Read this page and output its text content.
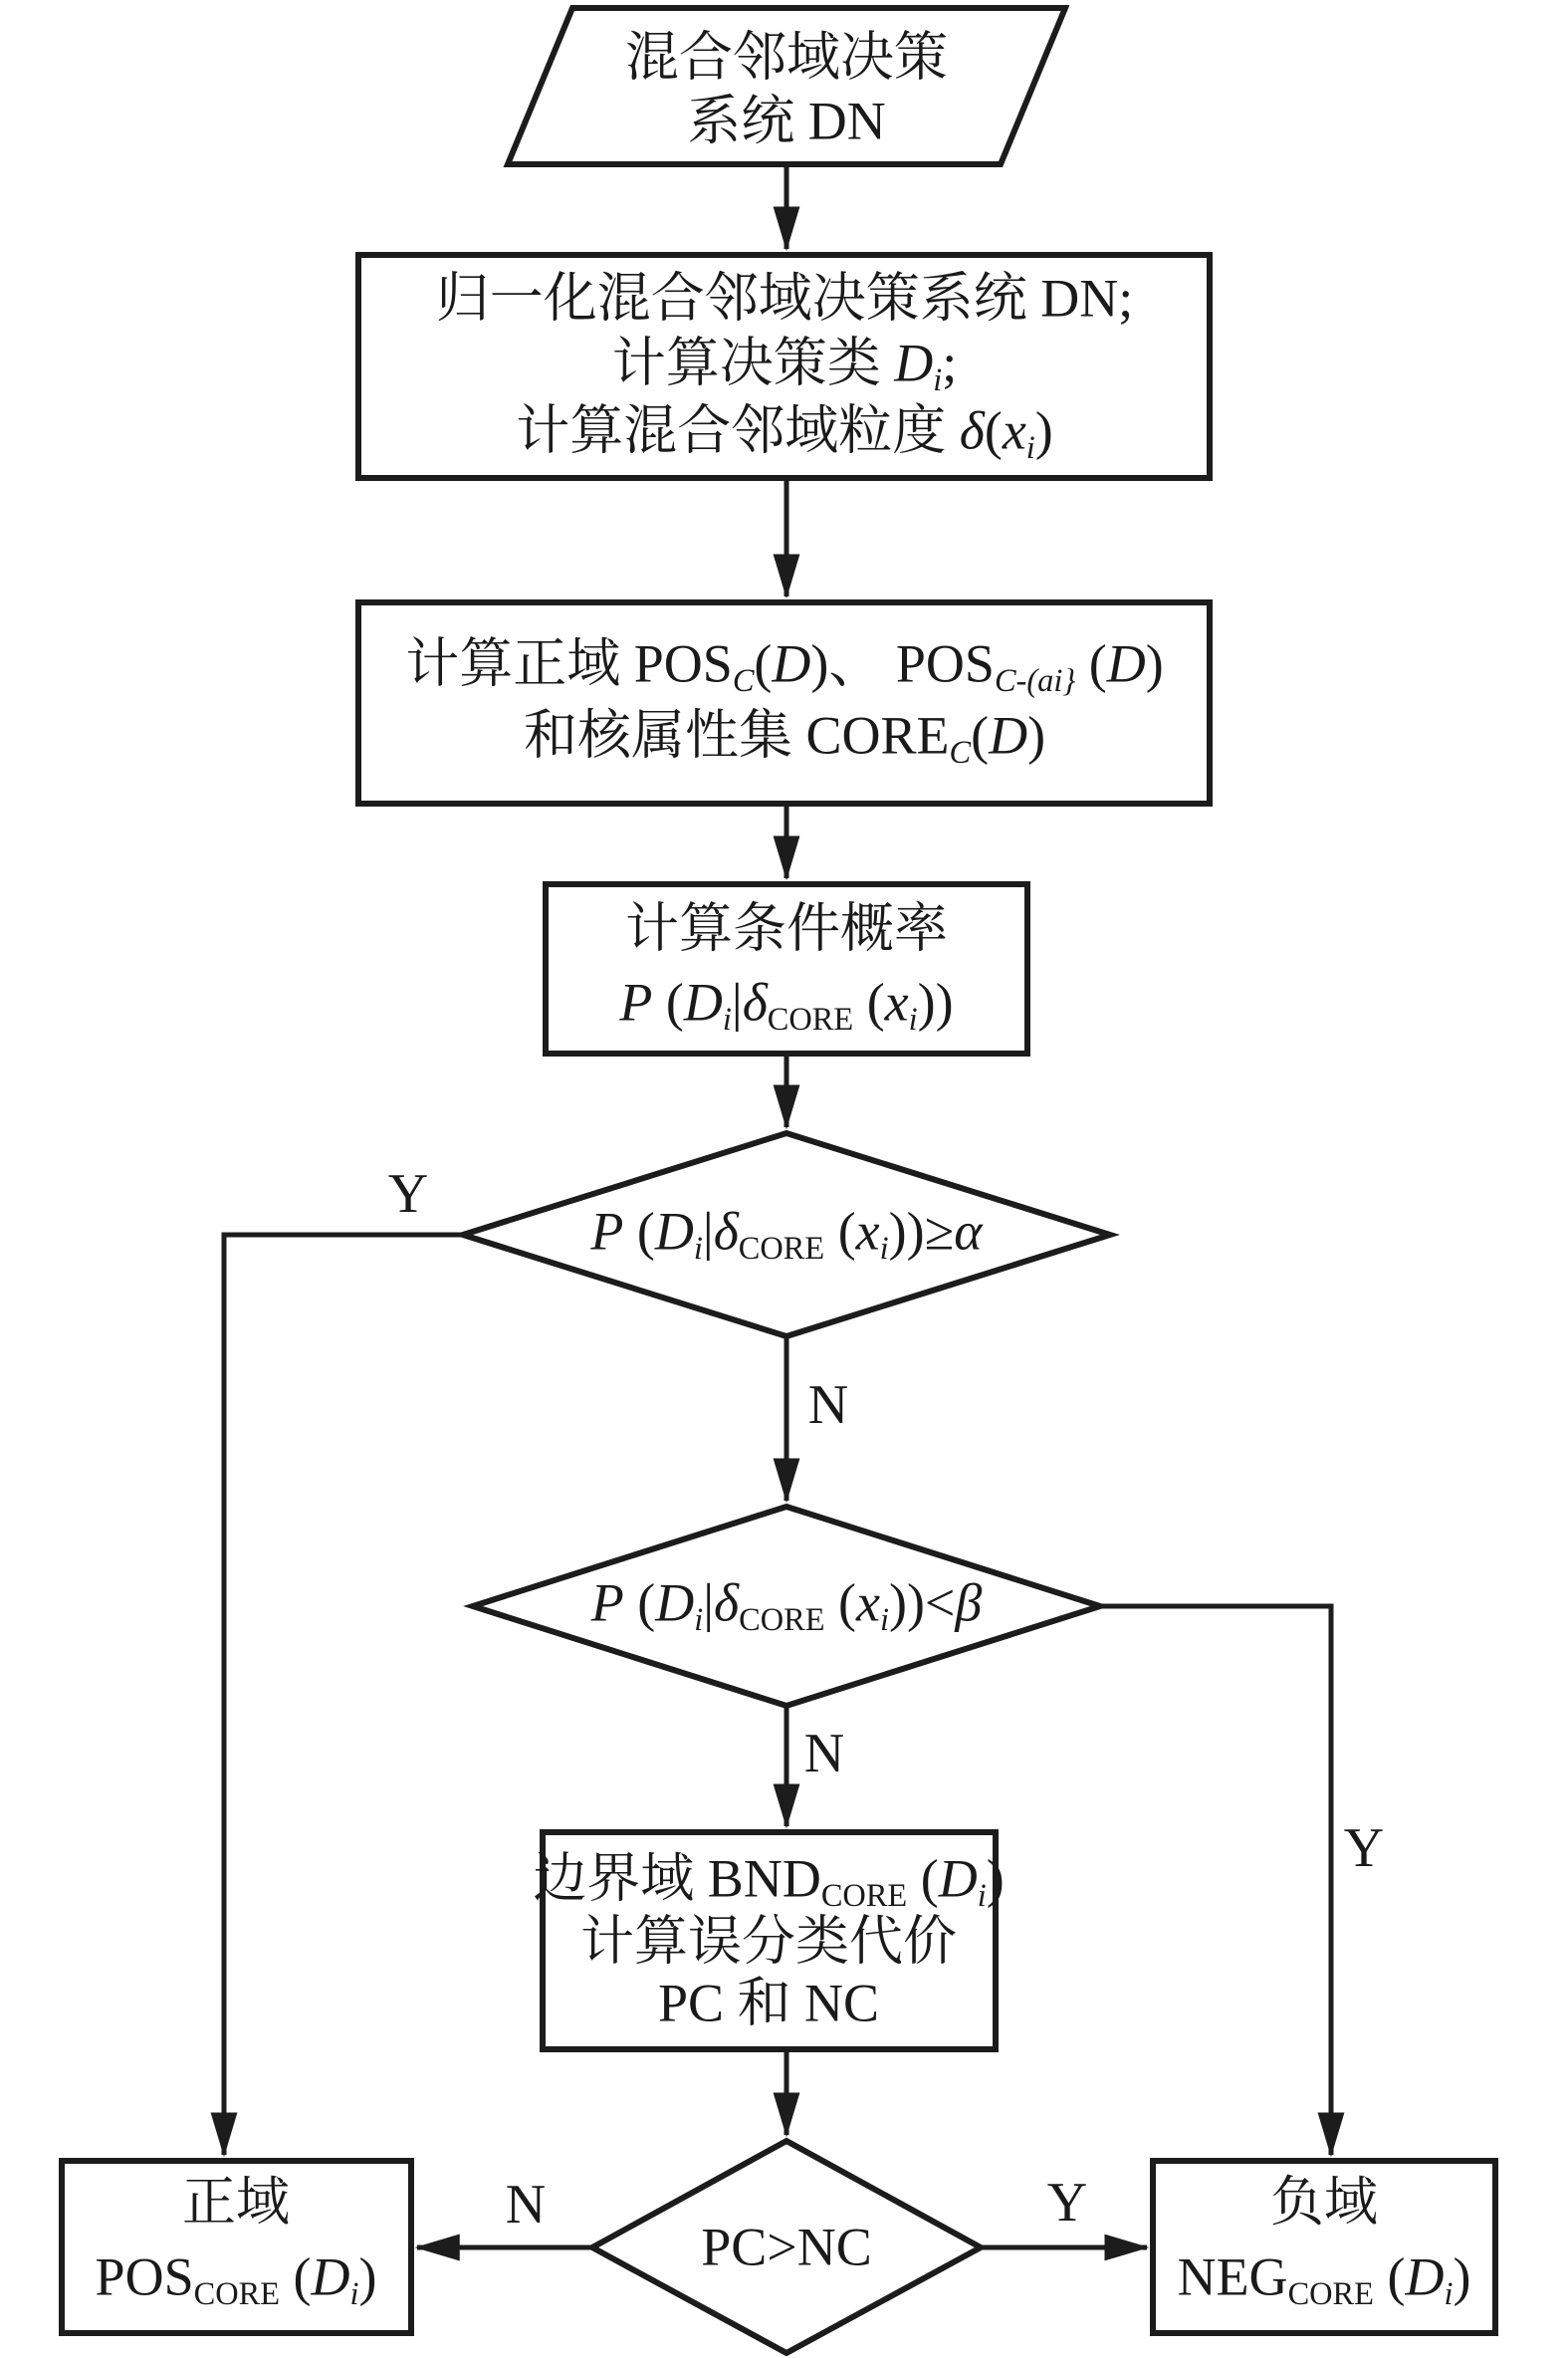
混合邻域决策
系统 DN
归一化混合邻域决策系统 DN;
计算决策类 Di;
计算混合邻域粒度 δ(xi)
计算正域 POSC(D)、 POSC-(ai} (D)
和核属性集 COREC(D)
计算条件概率
P (Di|δCORE (xi))
P (Di|δCORE (xi))≥α
P (Di|δCORE (xi))<β
边界域 BNDCORE (Di)
计算误分类代价
PC 和 NC
PC>NC
正域
POSCORE (Di)
负域
NEGCORE (Di)
Y
N
N
Y
N	Y
